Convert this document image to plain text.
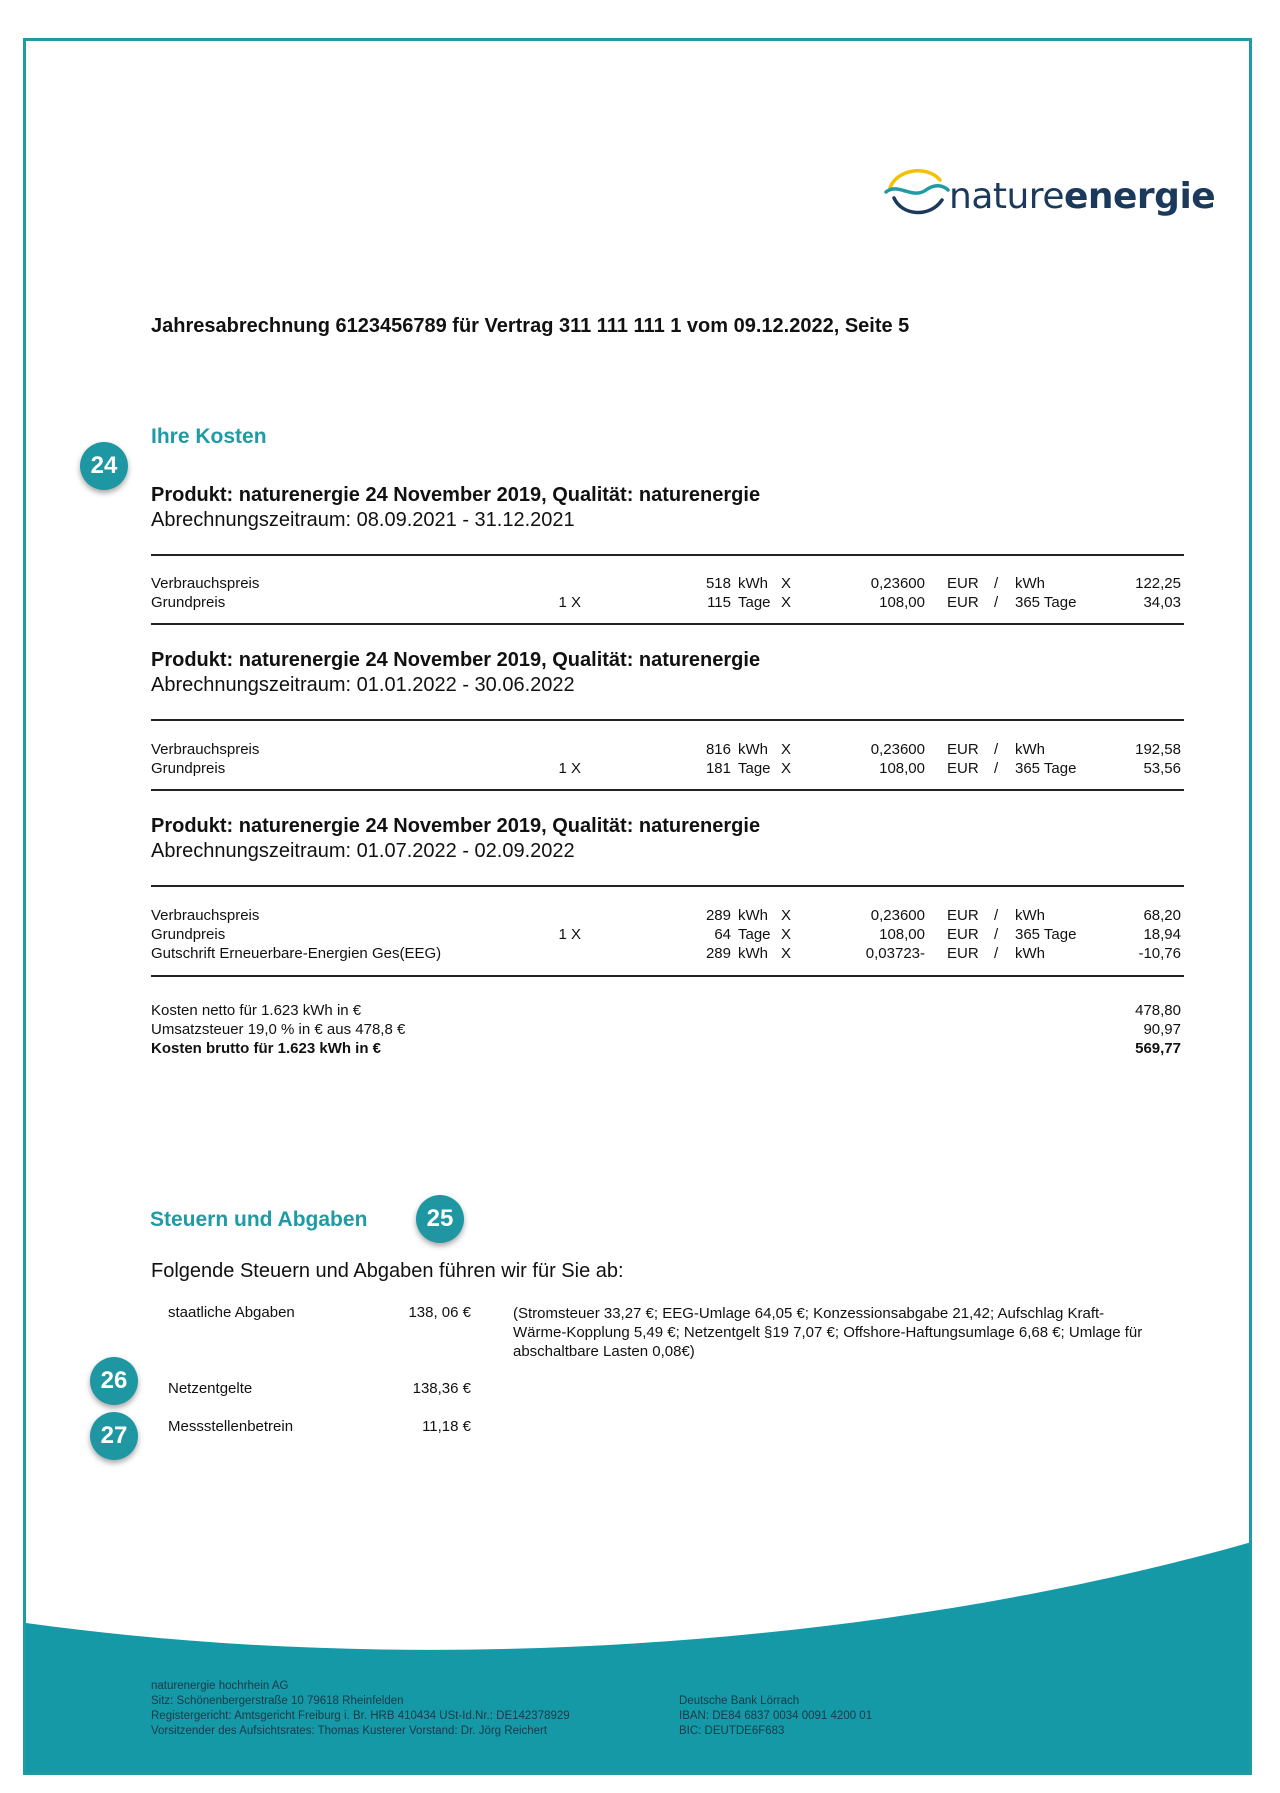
natureenergie
Jahresabrechnung 6123456789 für Vertrag 311 111 111 1 vom 09.12.2022, Seite 5
Ihre Kosten
24
Produkt: naturenergie 24 November 2019, Qualität: naturenergie
Abrechnungszeitraum: 08.09.2021 - 31.12.2021
Verbrauchspreis	518 kWh X	0,23600 EUR / kWh	122,25
Grundpreis	1 X	115 Tage X	108,00 EUR / 365 Tage	34,03
Produkt: naturenergie 24 November 2019, Qualität: naturenergie
Abrechnungszeitraum: 01.01.2022 - 30.06.2022
Verbrauchspreis	816 kWh X	0,23600 EUR / kWh	192,58
Grundpreis	1 X	181 Tage X	108,00 EUR / 365 Tage	53,56
Produkt: naturenergie 24 November 2019, Qualität: naturenergie
Abrechnungszeitraum: 01.07.2022 - 02.09.2022
Verbrauchspreis	289 kWh X	0,23600 EUR / kWh	68,20
Grundpreis	1 X	64 Tage X	108,00 EUR / 365 Tage	18,94
Gutschrift Erneuerbare-Energien Ges(EEG)	289 kWh X	0,03723- EUR / kWh	-10,76
Kosten netto für 1.623 kWh in €	478,80
Umsatzsteuer 19,0 % in € aus 478,8 €	90,97
Kosten brutto für 1.623 kWh in €	569,77
Steuern und Abgaben	25
Folgende Steuern und Abgaben führen wir für Sie ab:
staatliche Abgaben	138, 06 €	(Stromsteuer 33,27 €; EEG-Umlage 64,05 €; Konzessionsabgabe 21,42; Aufschlag Kraft-
Wärme-Kopplung 5,49 €; Netzentgelt §19 7,07 €; Offshore-Haftungsumlage 6,68 €; Umlage für
abschaltbare Lasten 0,08€)
26	Netzentgelte	138,36 €
27	Messstellenbetrein	11,18 €
naturenergie hochrhein AG
Sitz: Schönenbergerstraße 10 79618 Rheinfelden
Registergericht: Amtsgericht Freiburg i. Br. HRB 410434 USt-Id.Nr.: DE142378929
Vorsitzender des Aufsichtsrates: Thomas Kusterer Vorstand: Dr. Jörg Reichert
Deutsche Bank Lörrach
IBAN: DE84 6837 0034 0091 4200 01
BIC: DEUTDE6F683
